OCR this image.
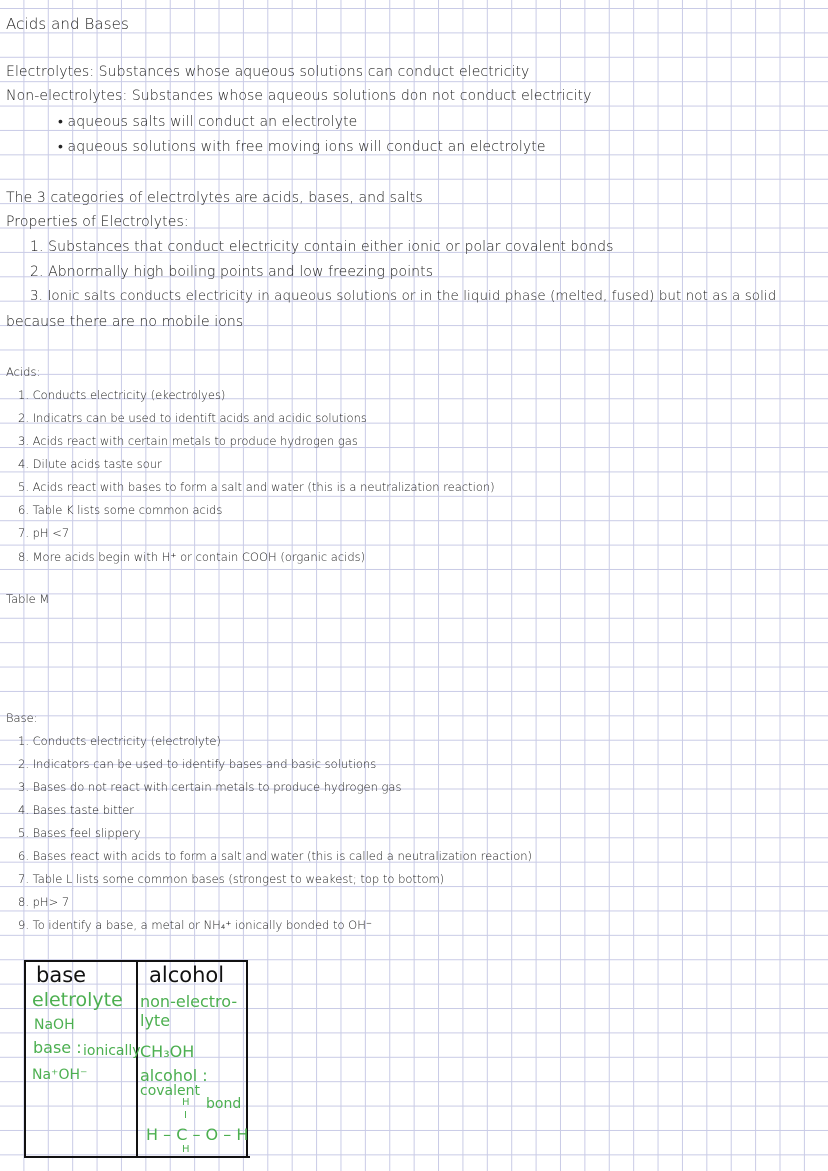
Acids and Bases
Electrolytes: Substances whose aqueous solutions can conduct electricity
Non-electrolytes: Substances whose aqueous solutions don not conduct electricity
• aqueous salts will conduct an electrolyte
• aqueous solutions with free moving ions will conduct an electrolyte
The 3 categories of electrolytes are acids, bases, and salts
Properties of Electrolytes:
1. Substances that conduct electricity contain either ionic or polar covalent bonds
2. Abnormally high boiling points and low freezing points
3. Ionic salts conducts electricity in aqueous solutions or in the liquid phase (melted, fused) but not as a solid
because there are no mobile ions
Acids:
1. Conducts electricity (ekectrolyes)
2. Indicatrs can be used to identift acids and acidic solutions
3. Acids react with certain metals to produce hydrogen gas
4. Dilute acids taste sour
5. Acids react with bases to form a salt and water (this is a neutralization reaction)
6. Table K lists some common acids
7. pH <7
8. More acids begin with H⁺ or contain COOH (organic acids)
Table M
Base:
1. Conducts electricity (electrolyte)
2. Indicators can be used to identify bases and basic solutions
3. Bases do not react with certain metals to produce hydrogen gas
4. Bases taste bitter
5. Bases feel slippery
6. Bases react with acids to form a salt and water (this is called a neutralization reaction)
7. Table L lists some common bases (strongest to weakest; top to bottom)
8. pH> 7
9. To identify a base, a metal or NH₄⁺ ionically bonded to OH⁻
base	alcohol
eletrolyte
NaOH
base : ionically
Na⁺OH⁻
non-electro-
lyte
CH₃OH
alcohol :
covalent
bond
H
I
H – C – O – H
H
